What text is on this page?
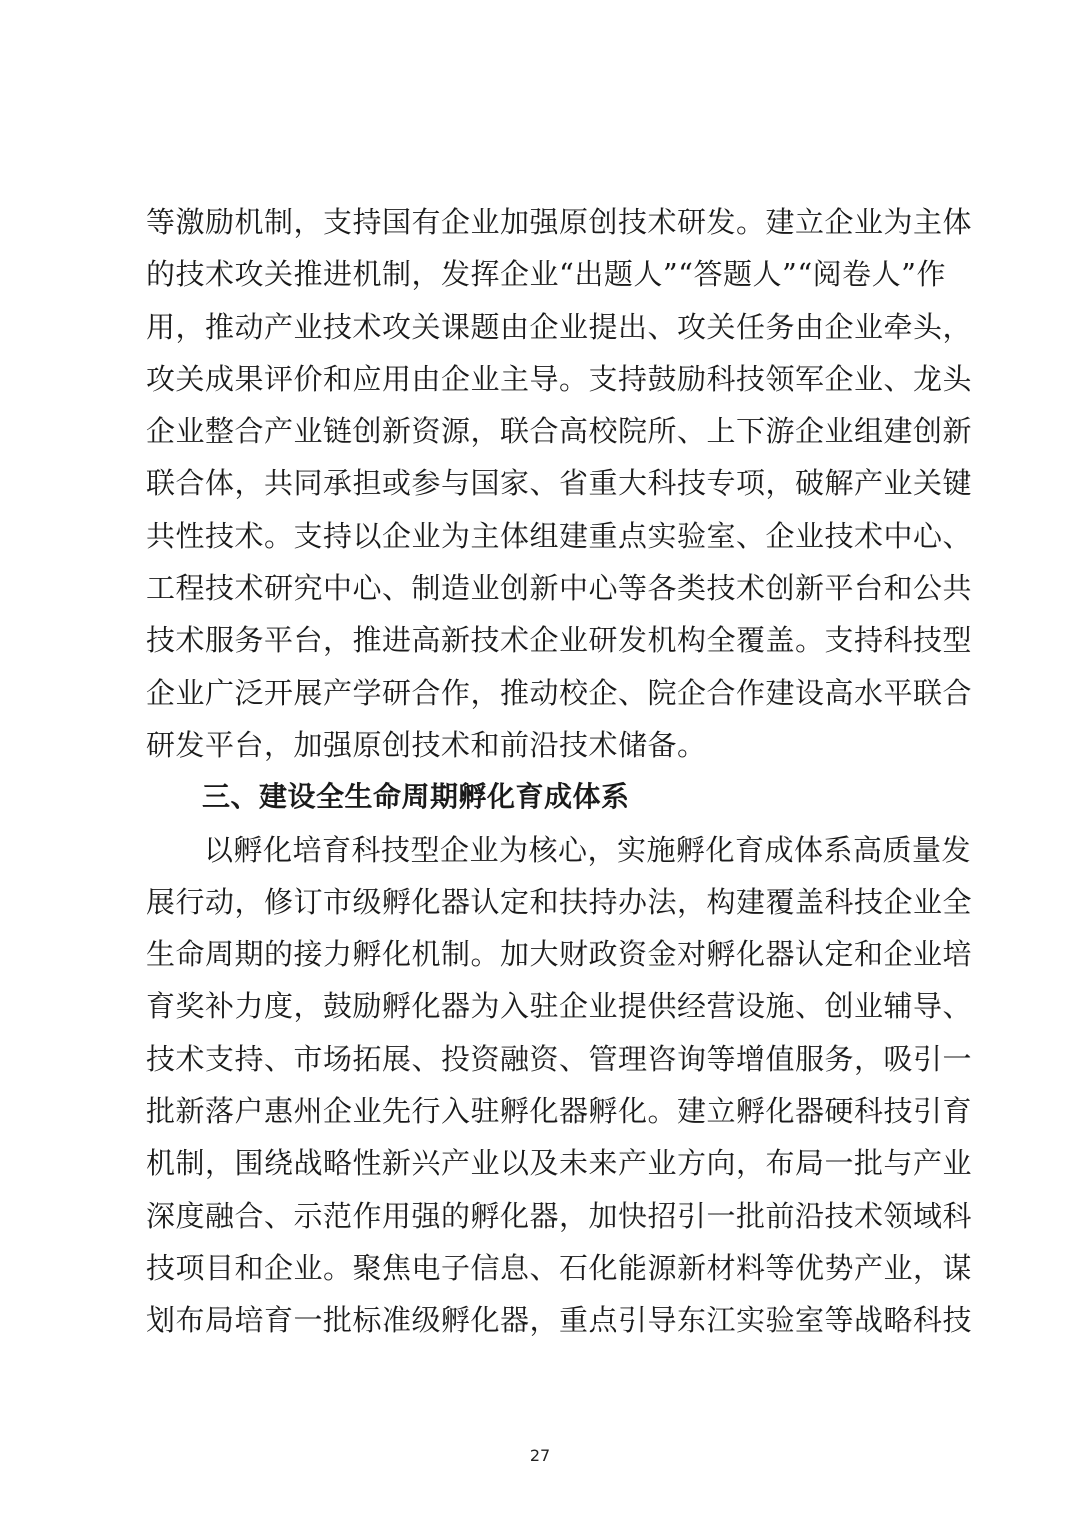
等激励机制，支持国有企业加强原创技术研发。建立企业为主体
的技术攻关推进机制，发挥企业“出题人”“答题人”“阅卷人”作
用，推动产业技术攻关课题由企业提出、攻关任务由企业牵头，
攻关成果评价和应用由企业主导。支持鼓励科技领军企业、龙头
企业整合产业链创新资源，联合高校院所、上下游企业组建创新
联合体，共同承担或参与国家、省重大科技专项，破解产业关键
共性技术。支持以企业为主体组建重点实验室、企业技术中心、
工程技术研究中心、制造业创新中心等各类技术创新平台和公共
技术服务平台，推进高新技术企业研发机构全覆盖。支持科技型
企业广泛开展产学研合作，推动校企、院企合作建设高水平联合
研发平台，加强原创技术和前沿技术储备。
三、建设全生命周期孵化育成体系
以孵化培育科技型企业为核心，实施孵化育成体系高质量发
展行动，修订市级孵化器认定和扶持办法，构建覆盖科技企业全
生命周期的接力孵化机制。加大财政资金对孵化器认定和企业培
育奖补力度，鼓励孵化器为入驻企业提供经营设施、创业辅导、
技术支持、市场拓展、投资融资、管理咨询等增值服务，吸引一
批新落户惠州企业先行入驻孵化器孵化。建立孵化器硬科技引育
机制，围绕战略性新兴产业以及未来产业方向，布局一批与产业
深度融合、示范作用强的孵化器，加快招引一批前沿技术领域科
技项目和企业。聚焦电子信息、石化能源新材料等优势产业，谋
划布局培育一批标准级孵化器，重点引导东江实验室等战略科技
27
